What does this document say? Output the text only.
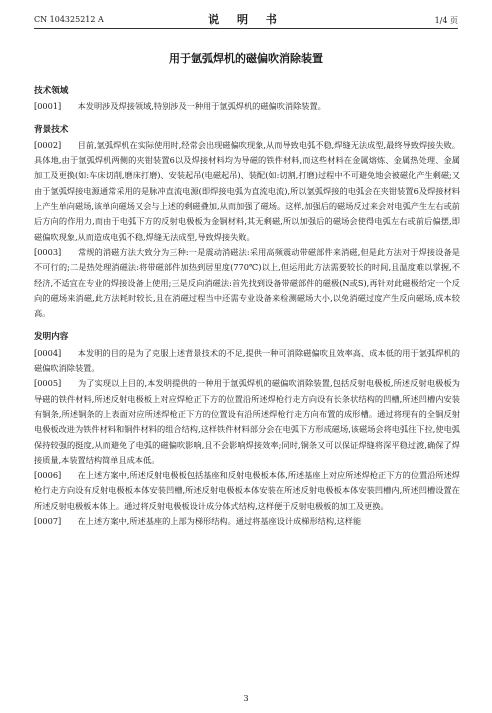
CN 104325212 A	说 明 书	1/4 页
用于氩弧焊机的磁偏吹消除装置

技术领域

[0001]　　本发明涉及焊接领域,特别涉及一种用于氩弧焊机的磁偏吹消除装置。

背景技术

[0002]　　目前,氩弧焊机在实际使用时,经常会出现磁偏吹现象,从而导致电弧不稳,焊缝无法成型,最终导致焊接失败。具体地,由于氩弧焊机两侧的夹钳装置6以及焊接材料均为导磁的铁件材料,而这些材料在金属熔炼、金属热处理、金属加工及更换(如:车床切削,磨床打磨)、安装起吊(电磁起吊)、装配(如:切割,打磨)过程中不可避免地会被磁化产生剩磁;又由于氩弧焊接电源通常采用的是脉冲直流电源(即焊接电弧为直流电流),所以氩弧焊接的电弧会在夹钳装置6及焊接材料上产生单向磁场,该单向磁场又会与上述的剩磁叠加,从而加强了磁场。这样,加强后的磁场反过来会对电弧产生左右或前后方向的作用力,而由于电弧下方的反射电极板为金铜材料,其无剩磁,所以加强后的磁场会使得电弧左右或前后偏摆,即磁偏吹现象,从而造成电弧不稳,焊缝无法成型,导致焊接失败。

[0003]　　常规的消磁方法大致分为三种:一是震动消磁法:采用高频震动带磁部件来消磁,但是此方法对于焊接设备是不可行的;二是热处理消磁法:将带磁部件加热到居里度(770℃)以上,但运用此方法需要较长的时间,且温度难以掌握,不经济,不适宜在专业的焊接设备上使用;三是反向消磁法:首先找到设备带磁部件的磁极(N或S),再针对此磁极给定一个反向的磁场来消磁,此方法耗时较长,且在消磁过程当中还需专业设备来检测磁场大小,以免消磁过度产生反向磁场,成本较高。

发明内容

[0004]　　本发明的目的是为了克服上述背景技术的不足,提供一种可消除磁偏吹且效率高、成本低的用于氩弧焊机的磁偏吹消除装置。

[0005]　　为了实现以上目的,本发明提供的一种用于氩弧焊机的磁偏吹消除装置,包括反射电极板,所述反射电极板为导磁的铁件材料,所述反射电极板上对应焊枪正下方的位置沿所述焊枪行走方向设有长条状结构的凹槽,所述凹槽内安装有铜条,所述铜条的上表面对应所述焊枪正下方的位置设有沿所述焊枪行走方向布置的成形槽。通过将现有的全铜反射电极板改进为铁件材料和铜件材料的组合结构,这样铁件材料部分会在电弧下方形成磁场,该磁场会将电弧往下拉,使电弧保持较强的挺度,从而避免了电弧的磁偏吹影响,且不会影响焊接效率;同时,铜条又可以保证焊缝将深平稳过渡,确保了焊接质量,本装置结构简单且成本低。

[0006]　　在上述方案中,所述反射电极板包括基座和反射电极板本体,所述基座上对应所述焊枪正下方的位置沿所述焊枪行走方向设有反射电极板本体安装凹槽,所述反射电极板本体安装在所述反射电极板本体安装凹槽内,所述凹槽设置在所述反射电极板本体上。通过将反射电极板设计成分体式结构,这样便于反射电极板的加工及更换。

[0007]　　在上述方案中,所述基座的上部为梯形结构。通过将基座设计成梯形结构,这样能

3
